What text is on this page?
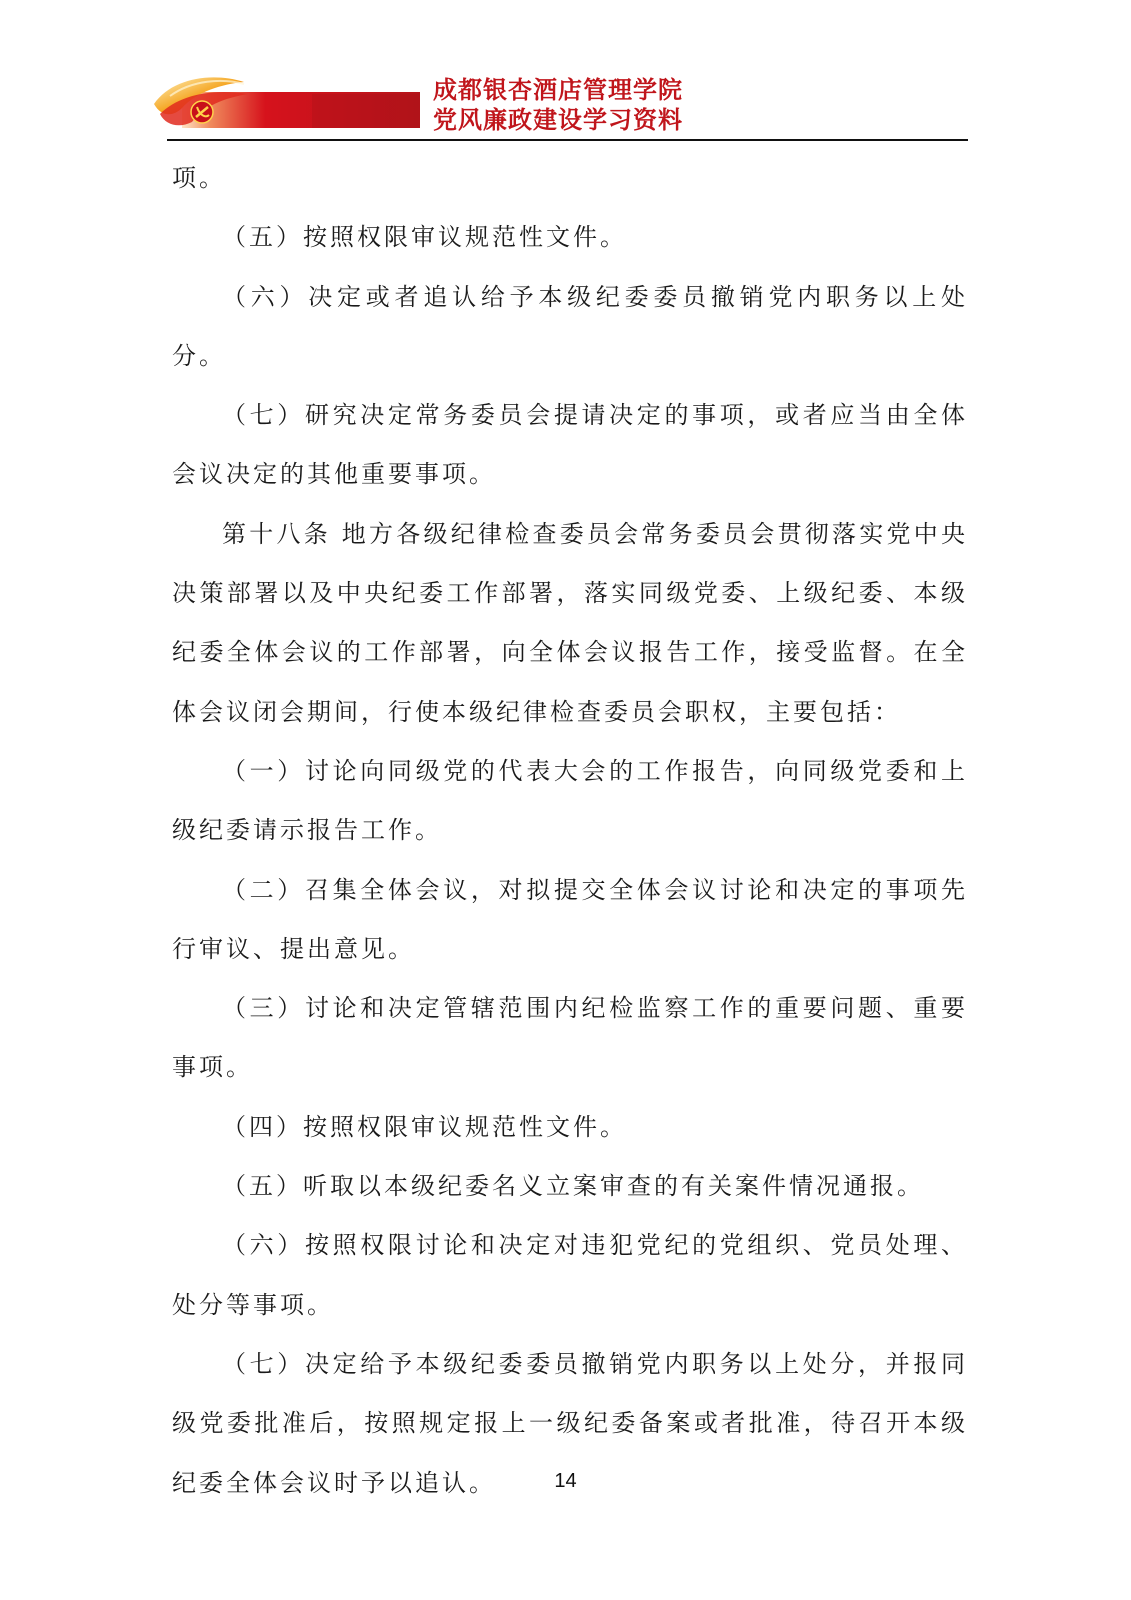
成都银杏酒店管理学院
党风廉政建设学习资料

项。

（五）按照权限审议规范性文件。

（六）决定或者追认给予本级纪委委员撤销党内职务以上处分。

（七）研究决定常务委员会提请决定的事项，或者应当由全体会议决定的其他重要事项。

第十八条 地方各级纪律检查委员会常务委员会贯彻落实党中央决策部署以及中央纪委工作部署，落实同级党委、上级纪委、本级纪委全体会议的工作部署，向全体会议报告工作，接受监督。在全体会议闭会期间，行使本级纪律检查委员会职权，主要包括：

（一）讨论向同级党的代表大会的工作报告，向同级党委和上级纪委请示报告工作。

（二）召集全体会议，对拟提交全体会议讨论和决定的事项先行审议、提出意见。

（三）讨论和决定管辖范围内纪检监察工作的重要问题、重要事项。

（四）按照权限审议规范性文件。

（五）听取以本级纪委名义立案审查的有关案件情况通报。

（六）按照权限讨论和决定对违犯党纪的党组织、党员处理、处分等事项。

（七）决定给予本级纪委委员撤销党内职务以上处分，并报同级党委批准后，按照规定报上一级纪委备案或者批准，待召开本级纪委全体会议时予以追认。	14
